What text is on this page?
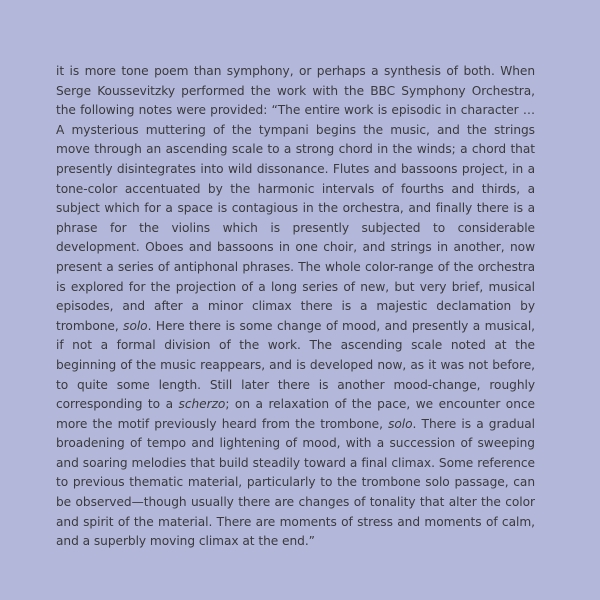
it is more tone poem than symphony, or perhaps a synthesis of both. When Serge Koussevitzky performed the work with the BBC Symphony Orchestra, the following notes were provided: “The entire work is episodic in character …A mysterious muttering of the tympani begins the music, and the strings move through an ascending scale to a strong chord in the winds; a chord that presently disintegrates into wild dissonance. Flutes and bassoons project, in a tone-color accentuated by the harmonic intervals of fourths and thirds, a subject which for a space is contagious in the orchestra, and finally there is a phrase for the violins which is presently subjected to considerable development. Oboes and bassoons in one choir, and strings in another, now present a series of antiphonal phrases. The whole color-range of the orchestra is explored for the projection of a long series of new, but very brief, musical episodes, and after a minor climax there is a majestic declamation by trombone, solo. Here there is some change of mood, and presently a musical, if not a formal division of the work. The ascending scale noted at the beginning of the music reappears, and is developed now, as it was not before, to quite some length. Still later there is another mood-change, roughly corresponding to a scherzo; on a relaxation of the pace, we encounter once more the motif previously heard from the trombone, solo. There is a gradual broadening of tempo and lightening of mood, with a succession of sweeping and soaring melodies that build steadily toward a final climax. Some reference to previous thematic material, particularly to the trombone solo passage, can be observed—though usually there are changes of tonality that alter the color and spirit of the material. There are moments of stress and moments of calm, and a superbly moving climax at the end.”
